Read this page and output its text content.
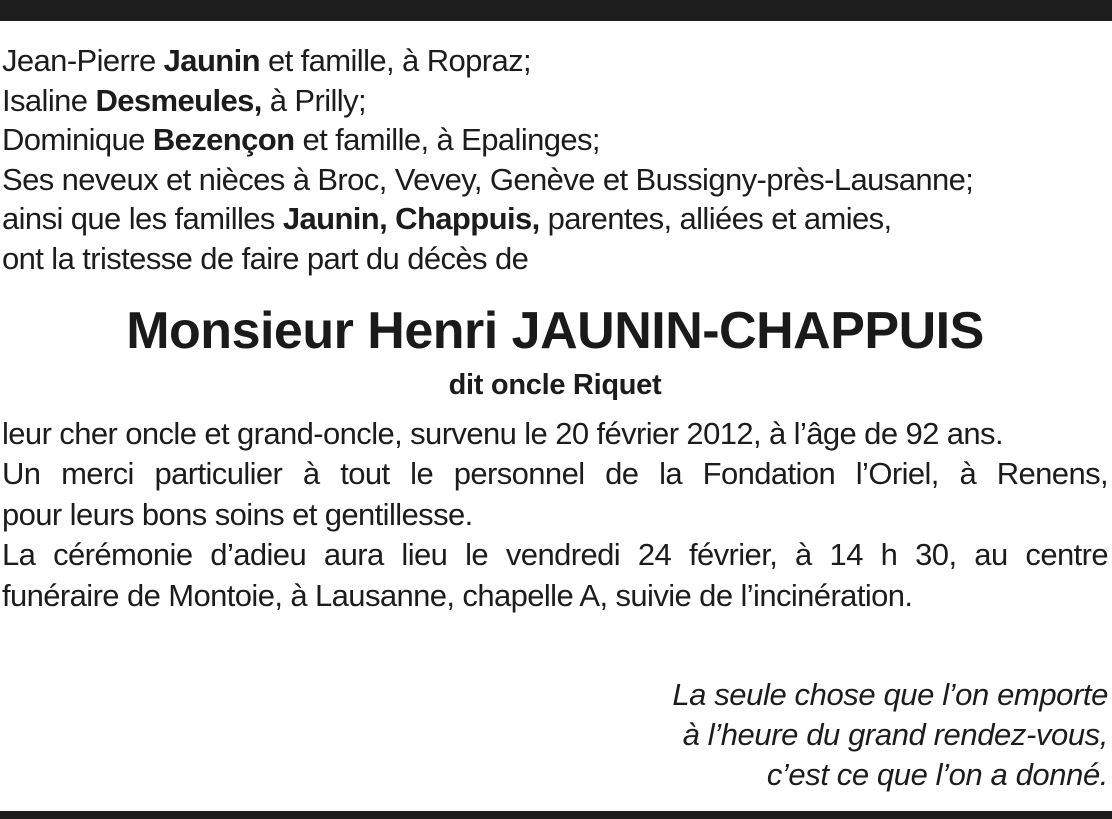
Jean-Pierre Jaunin et famille, à Ropraz;
Isaline Desmeules, à Prilly;
Dominique Bezençon et famille, à Epalinges;
Ses neveux et nièces à Broc, Vevey, Genève et Bussigny-près-Lausanne;
ainsi que les familles Jaunin, Chappuis, parentes, alliées et amies,
ont la tristesse de faire part du décès de
Monsieur Henri JAUNIN-CHAPPUIS
dit oncle Riquet
leur cher oncle et grand-oncle, survenu le 20 février 2012, à l’âge de 92 ans.
Un merci particulier à tout le personnel de la Fondation l’Oriel, à Renens,
pour leurs bons soins et gentillesse.
La cérémonie d’adieu aura lieu le vendredi 24 février, à 14 h 30, au centre
funéraire de Montoie, à Lausanne, chapelle A, suivie de l’incinération.
La seule chose que l’on emporte
à l’heure du grand rendez-vous,
c’est ce que l’on a donné.
